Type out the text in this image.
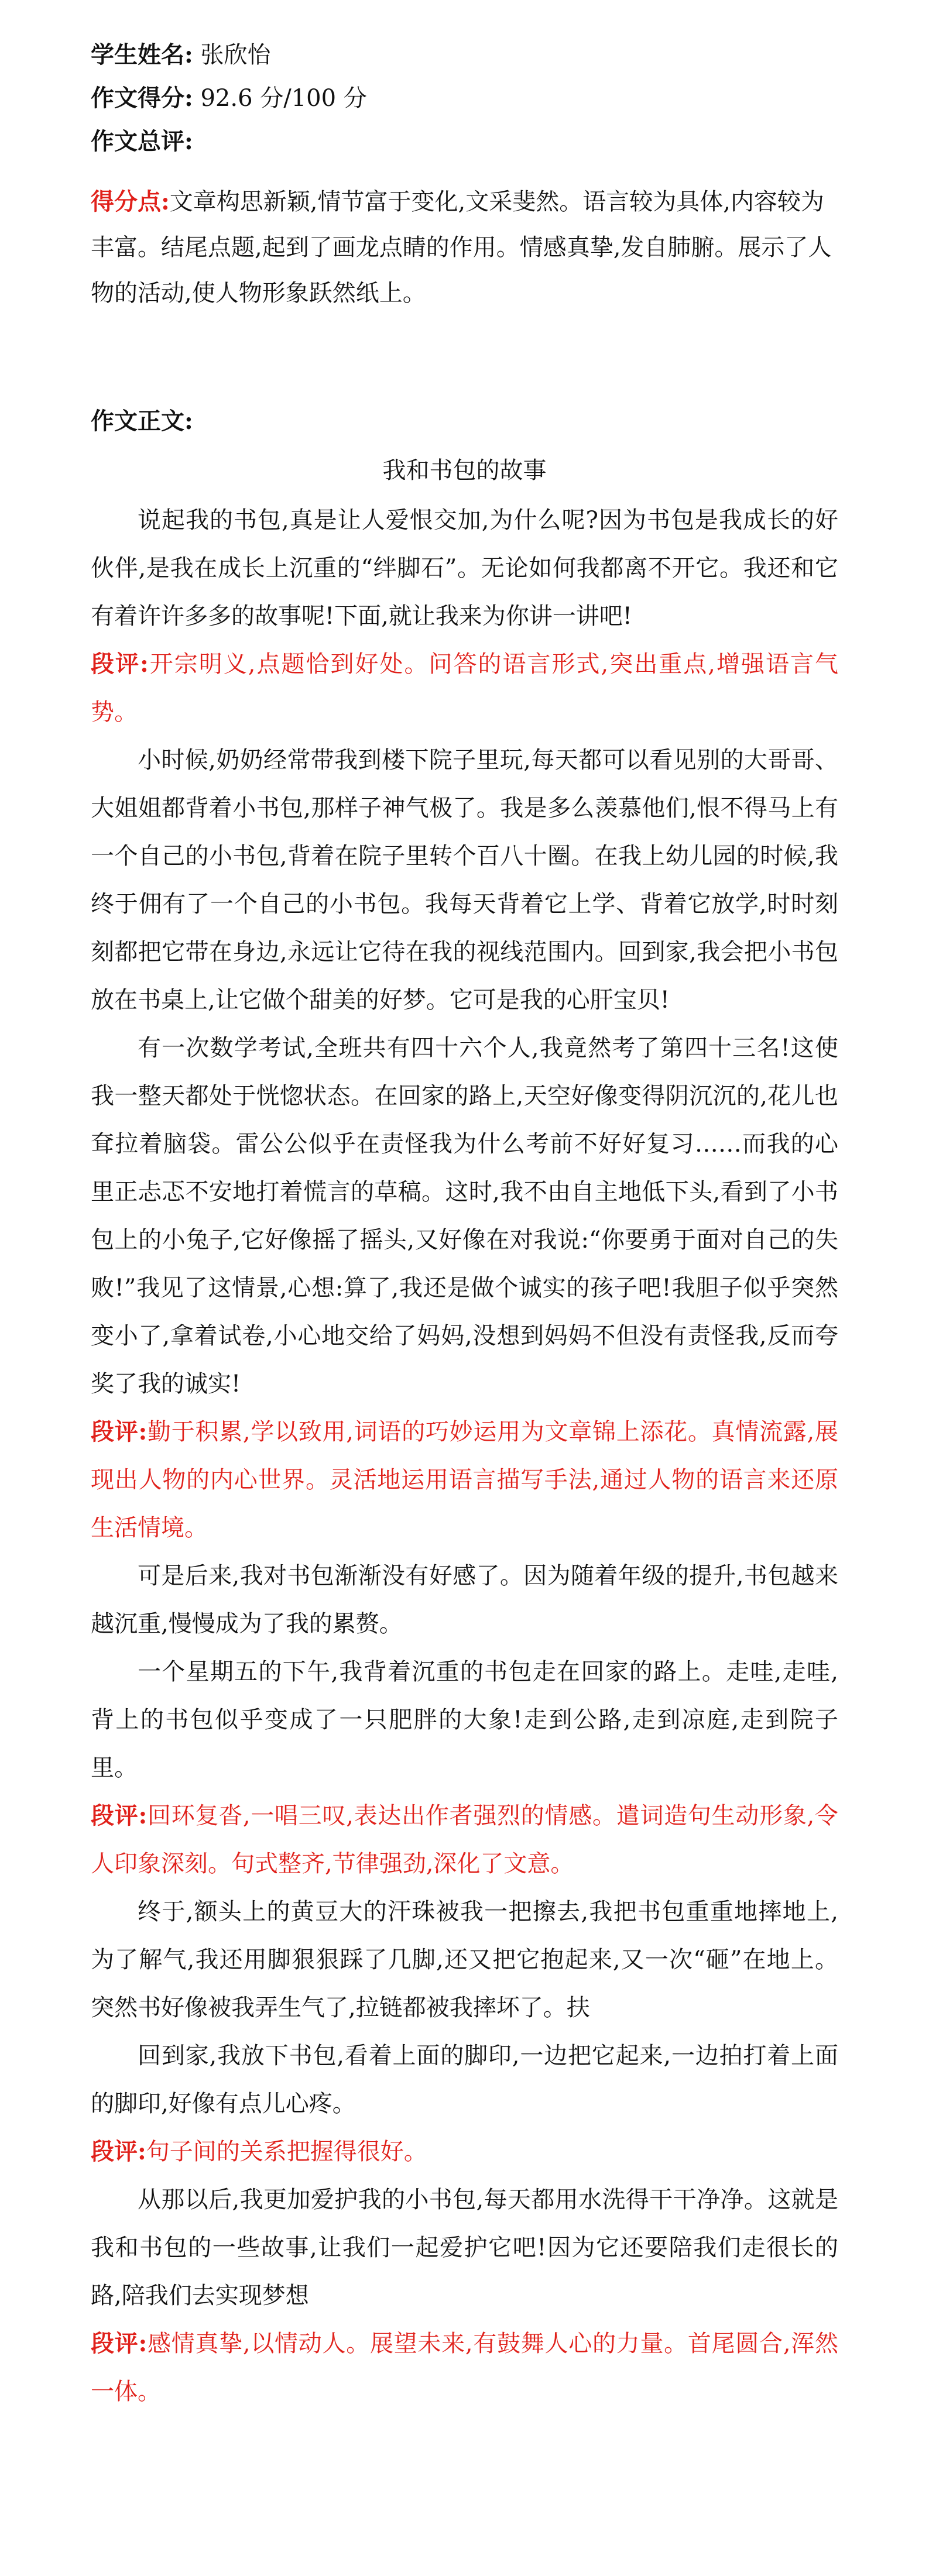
学生姓名: 张欣怡
作文得分: 92.6 分/100 分
作文总评:
得分点:文章构思新颖,情节富于变化,文采斐然。语言较为具体,内容较为丰富。结尾点题,起到了画龙点睛的作用。情感真挚,发自肺腑。展示了人物的活动,使人物形象跃然纸上。
作文正文:
我和书包的故事

说起我的书包,真是让人爱恨交加,为什么呢?因为书包是我成长的好伙伴,是我在成长上沉重的“绊脚石”。无论如何我都离不开它。我还和它有着许许多多的故事呢!下面,就让我来为你讲一讲吧!

段评:开宗明义,点题恰到好处。问答的语言形式,突出重点,增强语言气势。

小时候,奶奶经常带我到楼下院子里玩,每天都可以看见别的大哥哥、大姐姐都背着小书包,那样子神气极了。我是多么羡慕他们,恨不得马上有一个自己的小书包,背着在院子里转个百八十圈。在我上幼儿园的时候,我终于佣有了一个自己的小书包。我每天背着它上学、背着它放学,时时刻刻都把它带在身边,永远让它待在我的视线范围内。回到家,我会把小书包放在书桌上,让它做个甜美的好梦。它可是我的心肝宝贝!

有一次数学考试,全班共有四十六个人,我竟然考了第四十三名!这使我一整天都处于恍惚状态。在回家的路上,天空好像变得阴沉沉的,花儿也耷拉着脑袋。雷公公似乎在责怪我为什么考前不好好复习……而我的心里正忐忑不安地打着慌言的草稿。这时,我不由自主地低下头,看到了小书包上的小兔子,它好像摇了摇头,又好像在对我说:“你要勇于面对自己的失败!”我见了这情景,心想:算了,我还是做个诚实的孩子吧!我胆子似乎突然变小了,拿着试卷,小心地交给了妈妈,没想到妈妈不但没有责怪我,反而夸奖了我的诚实!

段评:勤于积累,学以致用,词语的巧妙运用为文章锦上添花。真情流露,展现出人物的内心世界。灵活地运用语言描写手法,通过人物的语言来还原生活情境。

可是后来,我对书包渐渐没有好感了。因为随着年级的提升,书包越来越沉重,慢慢成为了我的累赘。

一个星期五的下午,我背着沉重的书包走在回家的路上。走哇,走哇,背上的书包似乎变成了一只肥胖的大象!走到公路,走到凉庭,走到院子里。

段评:回环复沓,一唱三叹,表达出作者强烈的情感。遣词造句生动形象,令人印象深刻。句式整齐,节律强劲,深化了文意。

终于,额头上的黄豆大的汗珠被我一把擦去,我把书包重重地摔地上,为了解气,我还用脚狠狠踩了几脚,还又把它抱起来,又一次“砸”在地上。突然书好像被我弄生气了,拉链都被我摔坏了。扶

回到家,我放下书包,看着上面的脚印,一边把它起来,一边拍打着上面的脚印,好像有点儿心疼。

段评:句子间的关系把握得很好。

从那以后,我更加爱护我的小书包,每天都用水洗得干干净净。这就是我和书包的一些故事,让我们一起爱护它吧!因为它还要陪我们走很长的路,陪我们去实现梦想

段评:感情真挚,以情动人。展望未来,有鼓舞人心的力量。首尾圆合,浑然一体。
